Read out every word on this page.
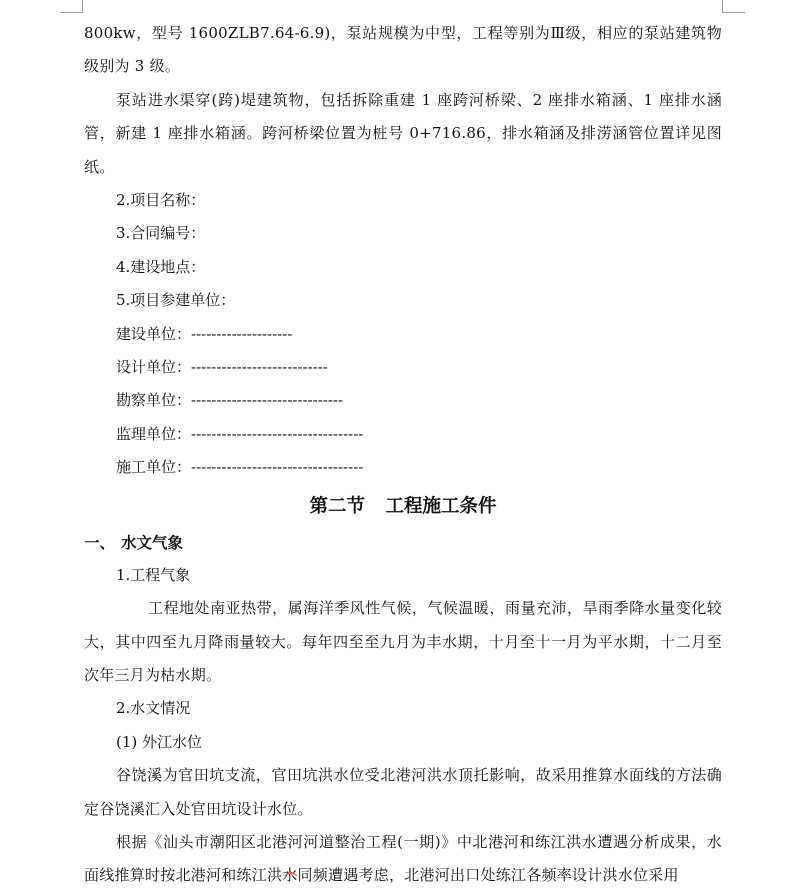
800kw，型号 1600ZLB7.64-6.9)，泵站规模为中型，工程等别为Ⅲ级，相应的泵站建筑物级别为 3 级。

泵站进水渠穿(跨)堤建筑物，包括拆除重建 1 座跨河桥梁、2 座排水箱涵、1 座排水涵管，新建 1 座排水箱涵。跨河桥梁位置为桩号 0+716.86，排水箱涵及排涝涵管位置详见图纸。

2.项目名称：

3.合同编号：

4.建设地点：

5.项目参建单位：

建设单位：--------------------

设计单位：---------------------------

勘察单位：------------------------------

监理单位：----------------------------------

施工单位：----------------------------------

第二节 工程施工条件

一、 水文气象

1.工程气象

工程地处南亚热带，属海洋季风性气候，气候温暖，雨量充沛，旱雨季降水量变化较大，其中四至九月降雨量较大。每年四至至九月为丰水期，十月至十一月为平水期，十二月至次年三月为枯水期。

2.水文情况

(1) 外江水位

谷饶溪为官田坑支流，官田坑洪水位受北港河洪水顶托影响，故采用推算水面线的方法确定谷饶溪汇入处官田坑设计水位。

根据《汕头市潮阳区北港河河道整治工程(一期)》中北港河和练江洪水遭遇分析成果，水面线推算时按北港河和练江洪水同频遭遇考虑，北港河出口处练江各频率设计洪水位采用
